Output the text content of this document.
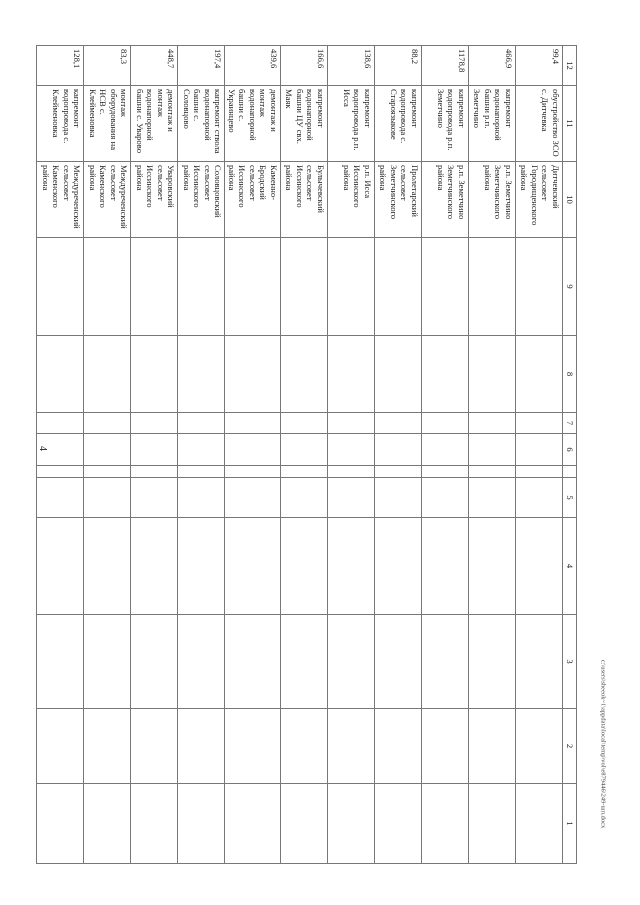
4
c:\users\sheeok~1\appdata\local\temp\vol\e879446\249-шп.docx
12	11	10	9	8	7	6		5	4	3	2	1
99,4	обустройство ЗСО с. Дитчевка	Дитчевский сельсовет Городищенского района										
466,9	капремонт водонапорной башни р.п. Земетчино	р.п. Земетчино Земетчинского района										
1178,8	капремонт водопровода р.п. Земетчино	р.п. Земетчино Земетчинского района										
88,2	капремонт водопровода с. Староязыкове	Пролетарский сельсовет Земетчинского района										
138,6	капремонт водопровода р.п. Исса	р.п. Исса Иссинского района										
166,6	капремонт водонапорной башни ЦУ свх. Маяк	Булычевский сельсовет Иссинского района										
439,6	демонтаж и монтаж водонапорной башни с. Украинцево	Каменно-Бродский сельсовет Иссинского района										
197,4	капремонт ствола водонапорной башни с. Соловцово	Соловцовский сельсовет Иссинского района										
448,7	демонтаж и монтаж водонапорной башни с. Уварово	Уваровский сельсовет Иссинского района										
83,3	монтаж оборудования на НСВ с. Клейменовка	Междуреченский сельсовет Каменского района										
128,1	капремонт водопровода с. Клейменовка	Междуреченский сельсовет Каменского района										
